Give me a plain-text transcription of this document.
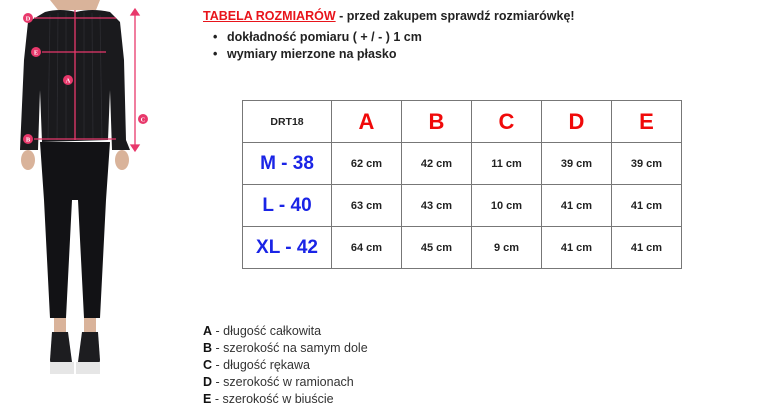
D
E
A
B
C
TABELA ROZMIARÓW - przed zakupem sprawdź rozmiarówkę!
• dokładność pomiaru ( + / - ) 1 cm
• wymiary mierzone na płasko
DRT18	A	B	C	D	E
M - 38	62 cm	42 cm	11 cm	39 cm	39 cm
L - 40	63 cm	43 cm	10 cm	41 cm	41 cm
XL - 42	64 cm	45 cm	9 cm	41 cm	41 cm
A - długość całkowita
B - szerokość na samym dole
C - długość rękawa
D - szerokość w ramionach
E - szerokość w biuście
